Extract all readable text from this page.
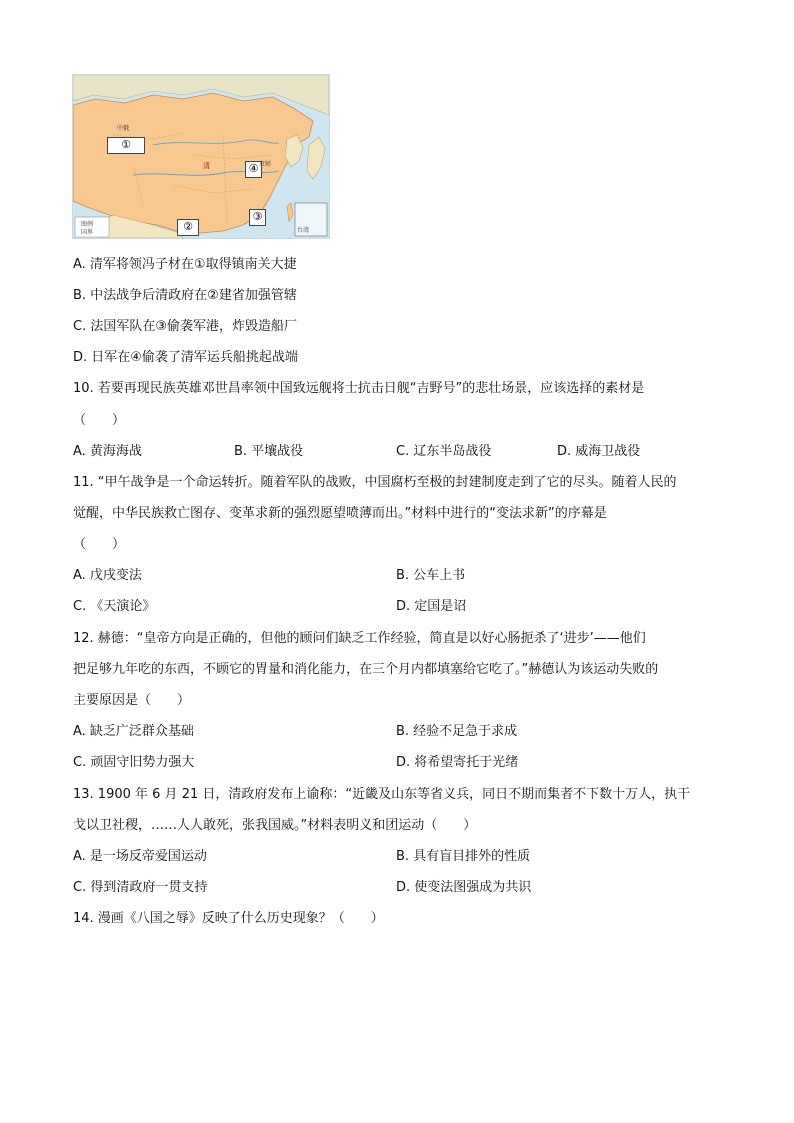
①
④
③
②
清	京师
台湾
图例
国界
中俄
A. 清军将领冯子材在①取得镇南关大捷
B. 中法战争后清政府在②建省加强管辖
C. 法国军队在③偷袭军港，炸毁造船厂
D. 日军在④偷袭了清军运兵船挑起战端
10. 若要再现民族英雄邓世昌率领中国致远舰将士抗击日舰“吉野号”的悲壮场景，应该选择的素材是
（　　）
A. 黄海海战	B. 平壤战役	C. 辽东半岛战役	D. 威海卫战役
11. “甲午战争是一个命运转折。随着军队的战败，中国腐朽至极的封建制度走到了它的尽头。随着人民的
觉醒，中华民族救亡图存、变革求新的强烈愿望喷薄而出。”材料中进行的“变法求新”的序幕是
（　　）
A. 戊戌变法	B. 公车上书
C. 《天演论》	D. 定国是诏
12. 赫德：“皇帝方向是正确的，但他的顾问们缺乏工作经验，简直是以好心肠扼杀了‘进步’——他们
把足够九年吃的东西，不顾它的胃量和消化能力，在三个月内都填塞给它吃了。”赫德认为该运动失败的
主要原因是（　　）
A. 缺乏广泛群众基础	B. 经验不足急于求成
C. 顽固守旧势力强大	D. 将希望寄托于光绪
13. 1900 年 6 月 21 日，清政府发布上谕称：“近畿及山东等省义兵，同日不期而集者不下数十万人，执干
戈以卫社稷，……人人敢死，张我国威。”材料表明义和团运动（　　）
A. 是一场反帝爱国运动	B. 具有盲目排外的性质
C. 得到清政府一贯支持	D. 使变法图强成为共识
14. 漫画《八国之辱》反映了什么历史现象？（　　）
